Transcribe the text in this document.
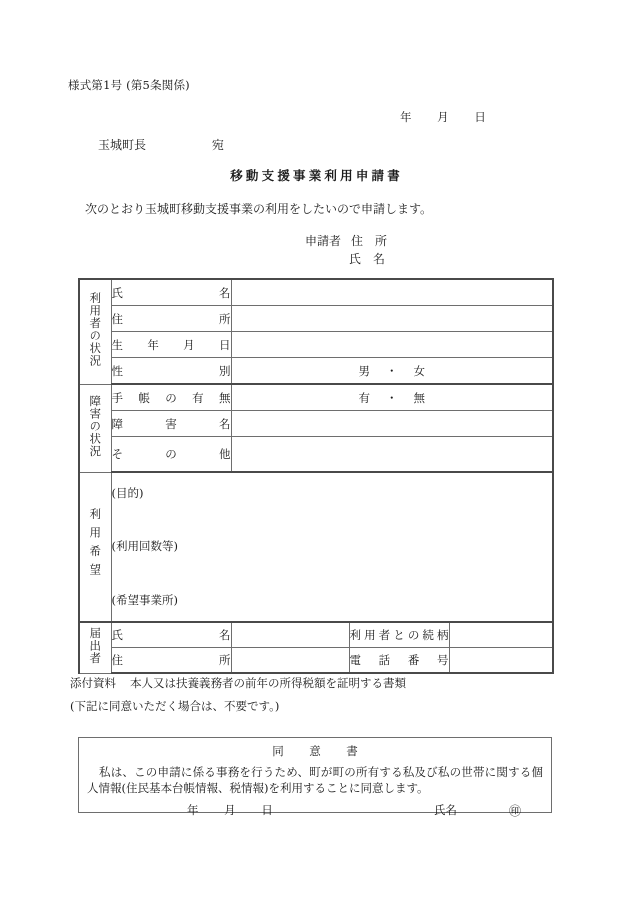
様式第1号 (第5条関係)
年 月 日
玉城町長	宛
移動支援事業利用申請書
次のとおり玉城町移動支援事業の利用をしたいので申請します。
申請者 住　所
氏　名
利用者の状況	氏　　　　名			
	住　　　　所			
	生　年　月　日			
	性　　　　別	男 ・ 女		
障害の状況	手　帳　の　有　無	有 ・ 無		
	障　　害　　名			
	そ　　の　　他			
利用希望	(目的)
(利用回数等)
(希望事業所)			

届出者	氏　名		利用者との続柄	
	住　所		電　話　番　号	
添付資料 本人又は扶養義務者の前年の所得税額を証明する書類
(下記に同意いただく場合は、不要です。)
同　意　書
私は、この申請に係る事務を行うため、町が町の所有する私及び私の世帯に関する個人情報(住民基本台帳情報、税情報)を利用することに同意します。
年 月 日	氏名	㊞
